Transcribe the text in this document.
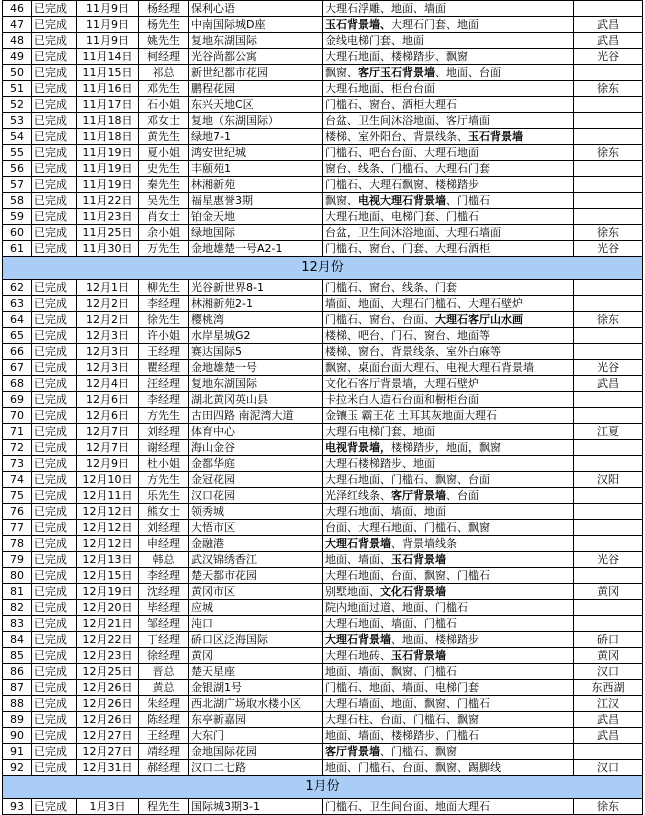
46	已完成	11月9日	杨经理	保利心语	大理石浮雕、地面、墙面	
47	已完成	11月9日	杨先生	中南国际城D座	玉石背景墙、大理石门套、地面	武昌
48	已完成	11月9日	姚先生	复地东湖国际	金线电梯门套、地面	武昌
49	已完成	11月14日	柯经理	光谷尚都公寓	大理石地面、楼梯踏步、飘窗	光谷
50	已完成	11月15日	祁总	新世纪都市花园	飘窗、客厅玉石背景墙、地面、台面	
51	已完成	11月16日	邓先生	鹏程花园	大理石地面、柜台台面	徐东
52	已完成	11月17日	石小姐	东兴天地C区	门槛石、窗台、酒柜大理石	
53	已完成	11月18日	邓女士	复地（东湖国际）	台盆、卫生间沐浴地面、客厅墙面	
54	已完成	11月18日	黄先生	绿地7-1	楼梯、室外阳台、背景线条、玉石背景墙	
55	已完成	11月19日	夏小姐	鸿安世纪城	门槛石、吧台台面、大理石地面	徐东
56	已完成	11月19日	史先生	丰颐苑1	窗台、线条、门槛石、大理石门套	
57	已完成	11月19日	秦先生	林湘新苑	门槛石、大理石飘窗、楼梯踏步	
58	已完成	11月22日	吴先生	福星惠誉3期	飘窗、电视大理石背景墙、门槛石	
59	已完成	11月23日	肖女士	铂金天地	大理石地面、电梯门套、门槛石	
60	已完成	11月25日	余小姐	绿地国际	台盆，卫生间沐浴地面、大理石墙面	徐东
61	已完成	11月30日	万先生	金地雄楚一号A2-1	门槛石、窗台、门套、大理石酒柜	光谷
12月份						
62	已完成	12月1日	柳先生	光谷新世界8-1	门槛石、窗台、线条、门套	
63	已完成	12月2日	李经理	林湘新苑2-1	墙面、地面、大理石门槛石、大理石壁炉	
64	已完成	12月2日	徐先生	樱桃湾	门槛石、窗台、台面、大理石客厅山水画	徐东
65	已完成	12月3日	许小姐	水岸星城G2	楼梯、吧台、门石、窗台、地面等	
66	已完成	12月3日	王经理	赛达国际5	楼梯、窗台、背景线条、室外白麻等	
67	已完成	12月3日	瞿经理	金地雄楚一号	飘窗、桌面台面大理石、电视大理石背景墙	光谷
68	已完成	12月4日	汪经理	复地东湖国际	文化石客厅背景墙，大理石壁炉	武昌
69	已完成	12月6日	李经理	湖北黄冈英山县	卡拉米白人造石台面和橱柜台面	
70	已完成	12月6日	方先生	古田四路 南泥湾大道	金镶玉 霸王花 土耳其灰地面大理石	
71	已完成	12月7日	刘经理	体育中心	大理石电梯门套、地面	江夏
72	已完成	12月7日	谢经理	海山金谷	电视背景墙，楼梯踏步，地面，飘窗	
73	已完成	12月9日	杜小姐	金都华庭	大理石楼梯踏步、地面	
74	已完成	12月10日	方先生	金冠花园	大理石地面、门槛石、飘窗、台面	汉阳
75	已完成	12月11日	乐先生	汉口花园	光泽红线条、客厅背景墙、台面	
76	已完成	12月12日	熊女士	领秀城	大理石地面、墙面、地面	
77	已完成	12月12日	刘经理	大悟市区	台面、大理石地面、门槛石、飘窗	
78	已完成	12月12日	申经理	金融港	大理石背景墙、背景墙线条	
79	已完成	12月13日	韩总	武汉锦绣香江	地面、墙面、玉石背景墙	光谷
80	已完成	12月15日	李经理	楚天都市花园	大理石地面、台面、飘窗、门槛石	
81	已完成	12月19日	沈经理	黄冈市区	别墅地面、文化石背景墙	黄冈
82	已完成	12月20日	毕经理	应城	院内地面过道、地面、门槛石	
83	已完成	12月21日	邹经理	沌口	大理石地面、墙面、门槛石	
84	已完成	12月22日	丁经理	硚口区泛海国际	大理石背景墙、地面、楼梯踏步	硚口
85	已完成	12月23日	徐经理	黄冈	大理石地砖、玉石背景墙	黄冈
86	已完成	12月25日	晋总	楚天星座	地面、墙面、飘窗、门槛石	汉口
87	已完成	12月26日	黄总	金银湖1号	门槛石、地面、墙面、电梯门套	东西湖
88	已完成	12月26日	朱经理	西北湖广场取水楼小区	大理石墙面、地面、飘窗、门槛石	江汉
89	已完成	12月26日	陈经理	东亭新嘉园	大理石柱、台面、门槛石、飘窗	武昌
90	已完成	12月27日	王经理	大东门	地面、墙面、楼梯踏步、门槛石	武昌
91	已完成	12月27日	靖经理	金地国际花园	客厅背景墙、门槛石、飘窗	
92	已完成	12月31日	郝经理	汉口二七路	地面、门槛石、台面、飘窗、踢脚线	汉口
1月份						
93	已完成	1月3日	程先生	国际城3期3-1	门槛石、卫生间台面、地面大理石	徐东
